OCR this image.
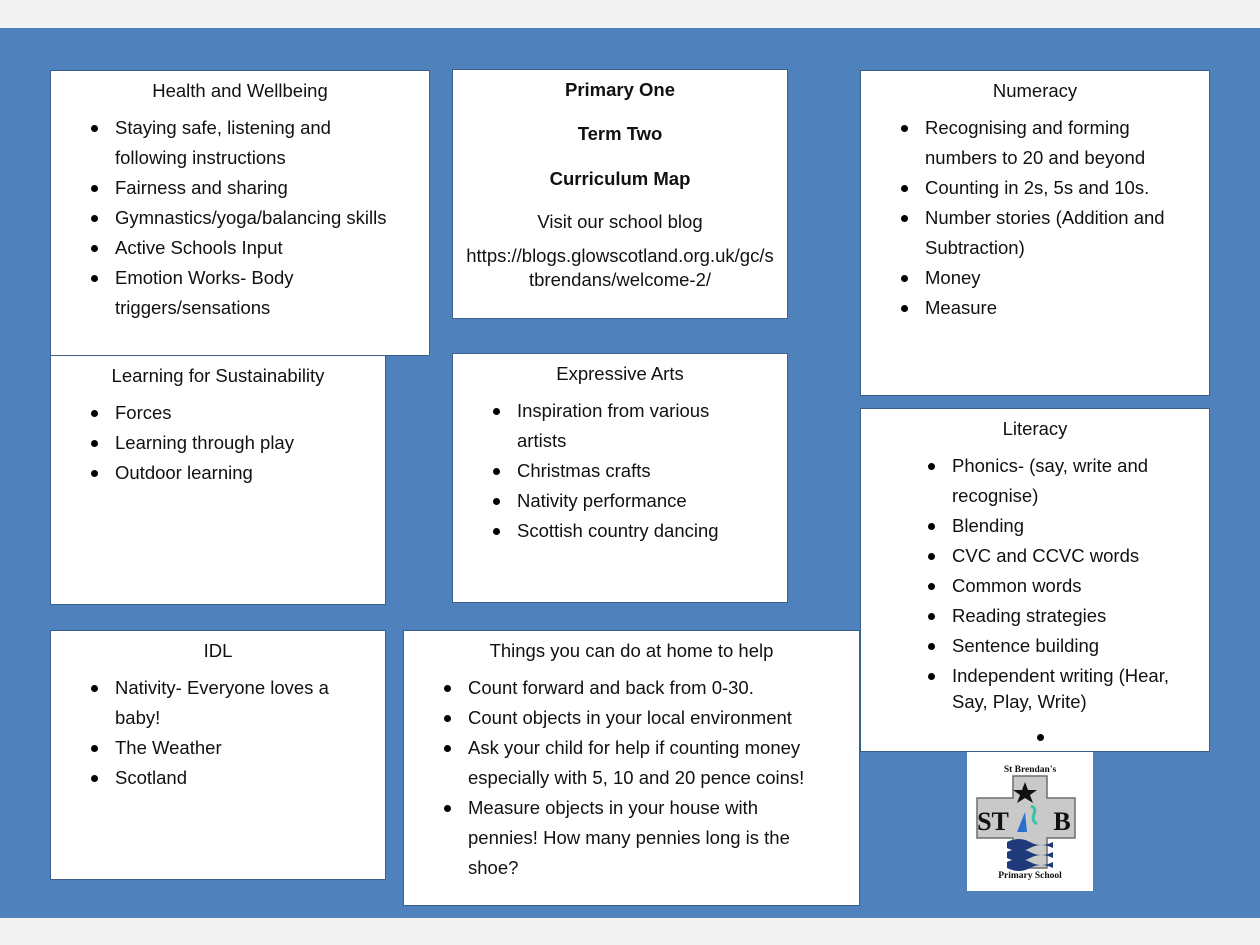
Health and Wellbeing
Staying safe, listening and following instructions
Fairness and sharing
Gymnastics/yoga/balancing skills
Active Schools Input
Emotion Works- Body triggers/sensations

Primary One

Term Two

Curriculum Map

Visit our school blog

https://blogs.glowscotland.org.uk/gc/stbrendans/welcome-2/

Numeracy
Recognising and forming numbers to 20 and beyond
Counting in 2s, 5s and 10s.
Number stories (Addition and Subtraction)
Money
Measure
Learning for Sustainability
Forces
Learning through play
Outdoor learning
Expressive Arts
Inspiration from various artists
Christmas crafts
Nativity performance
Scottish country dancing
Literacy
Phonics- (say, write and recognise)
Blending
CVC and CCVC words
Common words
Reading strategies
Sentence building
Independent writing (Hear, Say, Play, Write)
IDL
Nativity- Everyone loves a baby!
The Weather
Scotland
Things you can do at home to help
Count forward and back from 0-30.
Count objects in your local environment
Ask your child for help if counting money especially with 5, 10 and 20 pence coins!
Measure objects in your house with pennies! How many pennies long is the shoe?
St Brendan's
ST B
Primary School
